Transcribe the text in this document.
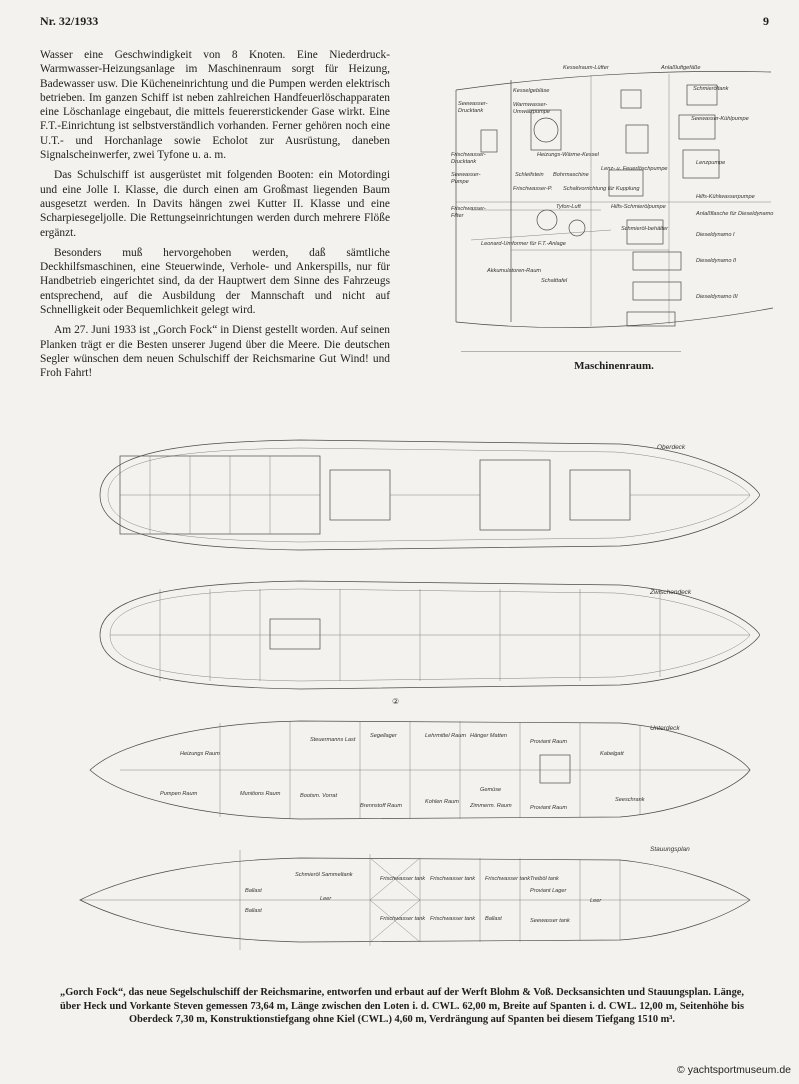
Nr. 32/1933	9

Wasser eine Geschwindigkeit von 8 Knoten. Eine Niederdruck-Warmwasser-Heizungsanlage im Maschinenraum sorgt für Heizung, Badewasser usw. Die Kücheneinrichtung und die Pumpen werden elektrisch betrieben. Im ganzen Schiff ist neben zahlreichen Handfeuerlöschapparaten eine Löschanlage eingebaut, die mittels feuererstickender Gase wirkt. Eine F.T.-Einrichtung ist selbstverständlich vorhanden. Ferner gehören noch eine U.T.- und Horchanlage sowie Echolot zur Ausrüstung, daneben Signalscheinwerfer, zwei Tyfone u. a. m.

Das Schulschiff ist ausgerüstet mit folgenden Booten: ein Motordingi und eine Jolle I. Klasse, die durch einen am Großmast liegenden Baum ausgesetzt werden. In Davits hängen zwei Kutter II. Klasse und eine Scharpiesegeljolle. Die Rettungseinrichtungen werden durch mehrere Flöße ergänzt.

Besonders muß hervorgehoben werden, daß sämtliche Deckhilfsmaschinen, eine Steuerwinde, Verhole- und Ankerspills, nur für Handbetrieb eingerichtet sind, da der Hauptwert dem Sinne des Fahrzeugs entsprechend, auf die Ausbildung der Mannschaft und nicht auf Schnelligkeit oder Bequemlichkeit gelegt wird.

Am 27. Juni 1933 ist „Gorch Fock“ in Dienst gestellt worden. Auf seinen Planken trägt er die Besten unserer Jugend über die Meere. Die deutschen Segler wünschen dem neuen Schulschiff der Reichsmarine Gut Wind! und Froh Fahrt!

Kesselraum-Lüfter	Anlaßluftgefäße
Kesselgebläse
Seewasser-
Drucktank
Warmwasser-
Umwälzpumpe
Schmieröltank
Frischwasser-
Drucktank
Heizungs-Wärme-Kessel
Seewasser-Kühlpumpe
Seewasser-
Pumpe
Schleifstein Bohrmaschine
Lenz- u. Feuerlöschpumpe
Lenzpumpe
Frischwasser-P. Schaltvorrichtung für Kupplung
Hilfs-Kühlwasserpumpe
Tyfon-Luft	Hilfs-Schmierölpumpe
Frischwasser-
Filter	Anlaßflasche für Dieseldynamo
Schmieröl-behälter
Leonard-Umformer für F.T.-Anlage
Dieseldynamo I
Dieseldynamo II
Akkumulatoren-Raum
Schalttafel
Dieseldynamo III
Maschinenraum.
Oberdeck
Zwischendeck
②
Steuermanns Last
Segellager	Lehrmittel Raum Hänger Matten
Proviant Raum
Heizungs Raum
Munitions Raum	Bootsm. Vorrat
Kabelgatt
Pumpen Raum
Gemüse
Kohlen Raum
Brennstoff Raum	Proviant Raum
Zimmerm. Raum
Seeschrank
Unterdeck
Schmieröl Sammeltank
Frischwasser tank Frischwasser tank Frischwasser tank Treiböl tank
Ballast	Proviant Lager
Frischwasser tank Frischwasser tank
Ballast
Ballast	Seewasser tank
Leer	Leer
Stauungsplan
„Gorch Fock“, das neue Segelschulschiff der Reichsmarine, entworfen und erbaut auf der Werft Blohm & Voß. Decksansichten und Stauungsplan. Länge, über Heck und Vorkante Steven gemessen 73,64 m, Länge zwischen den Loten i. d. CWL. 62,00 m, Breite auf Spanten i. d. CWL. 12,00 m, Seitenhöhe bis Oberdeck 7,30 m, Konstruktionstiefgang ohne Kiel (CWL.) 4,60 m, Verdrängung auf Spanten bei diesem Tiefgang 1510 m³.
© yachtsportmuseum.de
